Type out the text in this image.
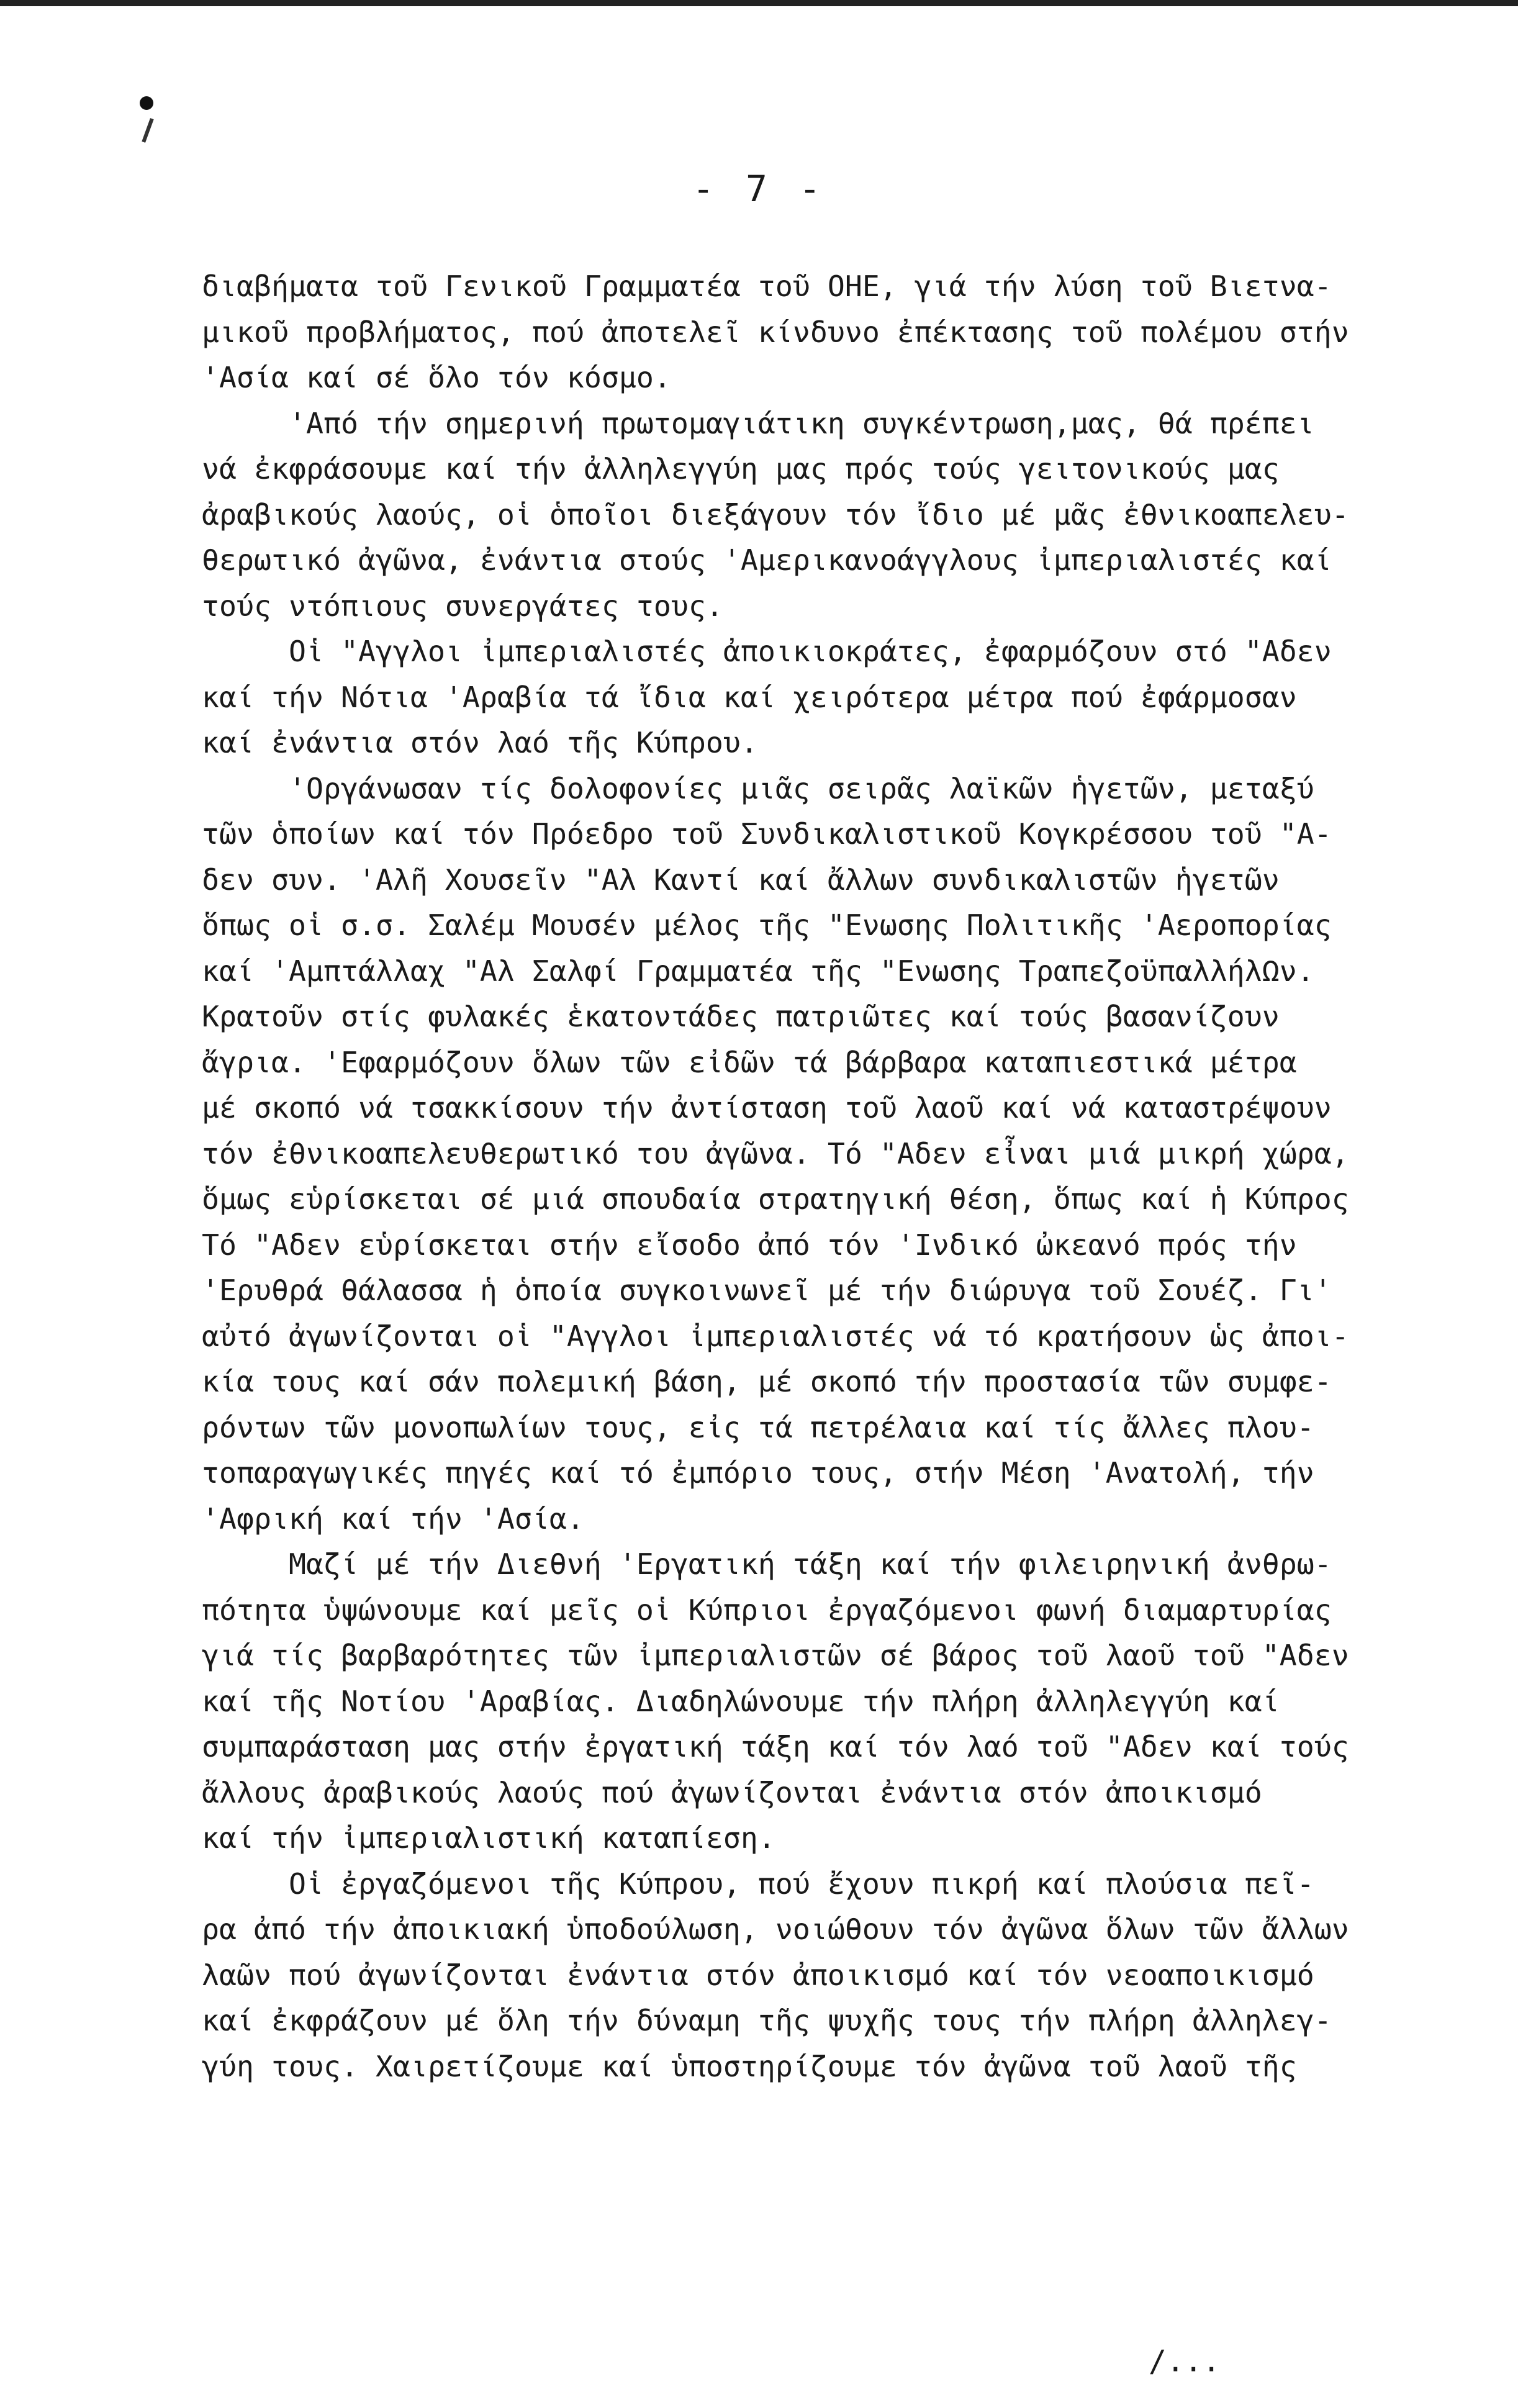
- 7 -
διαβήματα τοῦ Γενικοῦ Γραμματέα τοῦ ΟΗΕ, γιά τήν λύση τοῦ Βιετνα-
μικοῦ προβλήματος, πού ἀποτελεῖ κίνδυνο ἐπέκτασης τοῦ πολέμου στήν
'Ασία καί σέ ὅλο τόν κόσμο.
'Από τήν σημερινή πρωτομαγιάτικη συγκέντρωση,μας, θά πρέπει
νά ἐκφράσουμε καί τήν ἀλληλεγγύη μας πρός τούς γειτονικούς μας
ἀραβικούς λαούς, οἱ ὁποῖοι διεξάγουν τόν ἴδιο μέ μᾶς ἐθνικοαπελευ-
θερωτικό ἀγῶνα, ἐνάντια στούς 'Αμερικανοάγγλους ἰμπεριαλιστές καί
τούς ντόπιους συνεργάτες τους.
Οἱ "Αγγλοι ἰμπεριαλιστές ἀποικιοκράτες, ἐφαρμόζουν στό "Αδεν
καί τήν Νότια 'Αραβία τά ἴδια καί χειρότερα μέτρα πού ἐφάρμοσαν
καί ἐνάντια στόν λαό τῆς Κύπρου.
'Οργάνωσαν τίς δολοφονίες μιᾶς σειρᾶς λαϊκῶν ἡγετῶν, μεταξύ
τῶν ὁποίων καί τόν Πρόεδρο τοῦ Συνδικαλιστικοῦ Κογκρέσσου τοῦ "Α-
δεν συν. 'Αλῆ Χουσεῖν "Αλ Καντί καί ἄλλων συνδικαλιστῶν ἡγετῶν
ὅπως οἱ σ.σ. Σαλέμ Μουσέν μέλος τῆς "Ενωσης Πολιτικῆς 'Αεροπορίας
καί 'Αμπτάλλαχ "Αλ Σαλφί Γραμματέα τῆς "Ενωσης ΤραπεζοϋπαλλήλΩν.
Κρατοῦν στίς φυλακές ἑκατοντάδες πατριῶτες καί τούς βασανίζουν
ἄγρια. 'Εφαρμόζουν ὅλων τῶν εἰδῶν τά βάρβαρα καταπιεστικά μέτρα
μέ σκοπό νά τσακκίσουν τήν ἀντίσταση τοῦ λαοῦ καί νά καταστρέψουν
τόν ἐθνικοαπελευθερωτικό του ἀγῶνα. Τό "Αδεν εἶναι μιά μικρή χώρα,
ὅμως εὑρίσκεται σέ μιά σπουδαία στρατηγική θέση, ὅπως καί ἡ Κύπρος
Τό "Αδεν εὑρίσκεται στήν εἴσοδο ἀπό τόν 'Ινδικό ὠκεανό πρός τήν
'Ερυθρά θάλασσα ἡ ὁποία συγκοινωνεῖ μέ τήν διώρυγα τοῦ Σουέζ. Γι'
αὐτό ἀγωνίζονται οἱ "Αγγλοι ἰμπεριαλιστές νά τό κρατήσουν ὡς ἀποι-
κία τους καί σάν πολεμική βάση, μέ σκοπό τήν προστασία τῶν συμφε-
ρόντων τῶν μονοπωλίων τους, εἰς τά πετρέλαια καί τίς ἄλλες πλου-
τοπαραγωγικές πηγές καί τό ἐμπόριο τους, στήν Μέση 'Ανατολή, τήν
'Αφρική καί τήν 'Ασία.
Μαζί μέ τήν Διεθνή 'Εργατική τάξη καί τήν φιλειρηνική ἀνθρω-
πότητα ὑψώνουμε καί μεῖς οἱ Κύπριοι ἐργαζόμενοι φωνή διαμαρτυρίας
γιά τίς βαρβαρότητες τῶν ἰμπεριαλιστῶν σέ βάρος τοῦ λαοῦ τοῦ "Αδεν
καί τῆς Νοτίου 'Αραβίας. Διαδηλώνουμε τήν πλήρη ἀλληλεγγύη καί
συμπαράσταση μας στήν ἐργατική τάξη καί τόν λαό τοῦ "Αδεν καί τούς
ἄλλους ἀραβικούς λαούς πού ἀγωνίζονται ἐνάντια στόν ἀποικισμό
καί τήν ἰμπεριαλιστική καταπίεση.
Οἱ ἐργαζόμενοι τῆς Κύπρου, πού ἔχουν πικρή καί πλούσια πεῖ-
ρα ἀπό τήν ἀποικιακή ὑποδούλωση, νοιώθουν τόν ἀγῶνα ὅλων τῶν ἄλλων
λαῶν πού ἀγωνίζονται ἐνάντια στόν ἀποικισμό καί τόν νεοαποικισμό
καί ἐκφράζουν μέ ὅλη τήν δύναμη τῆς ψυχῆς τους τήν πλήρη ἀλληλεγ-
γύη τους. Χαιρετίζουμε καί ὑποστηρίζουμε τόν ἀγῶνα τοῦ λαοῦ τῆς
/...
